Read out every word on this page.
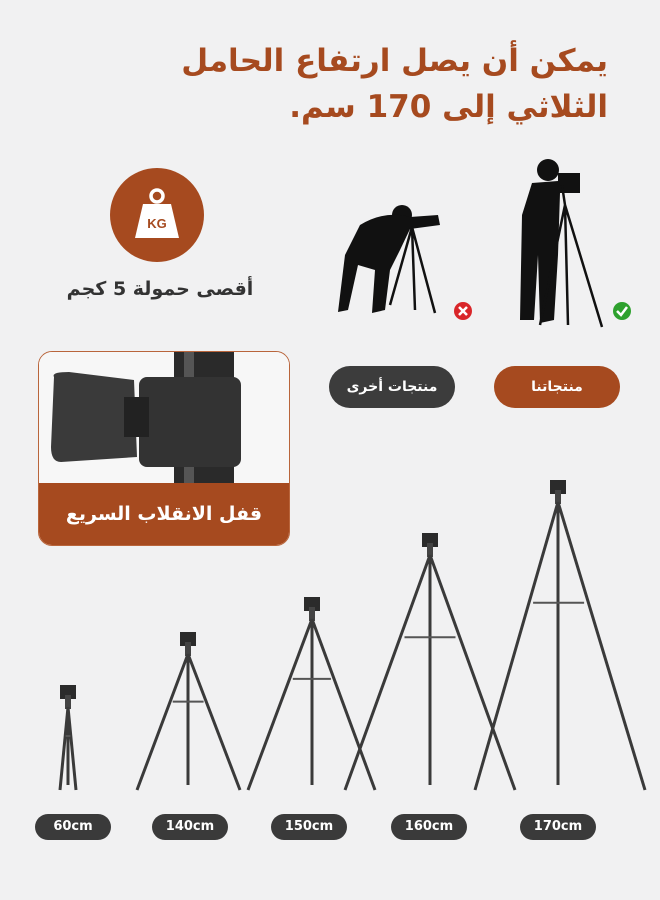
يمكن أن يصل ارتفاع الحامل
الثلاثي إلى 170 سم.
KG
أقصى حمولة 5 كجم
منتجاتنا
منتجات أخرى
قفل الانقلاب السريع
60cm	140cm	150cm	160cm	170cm
